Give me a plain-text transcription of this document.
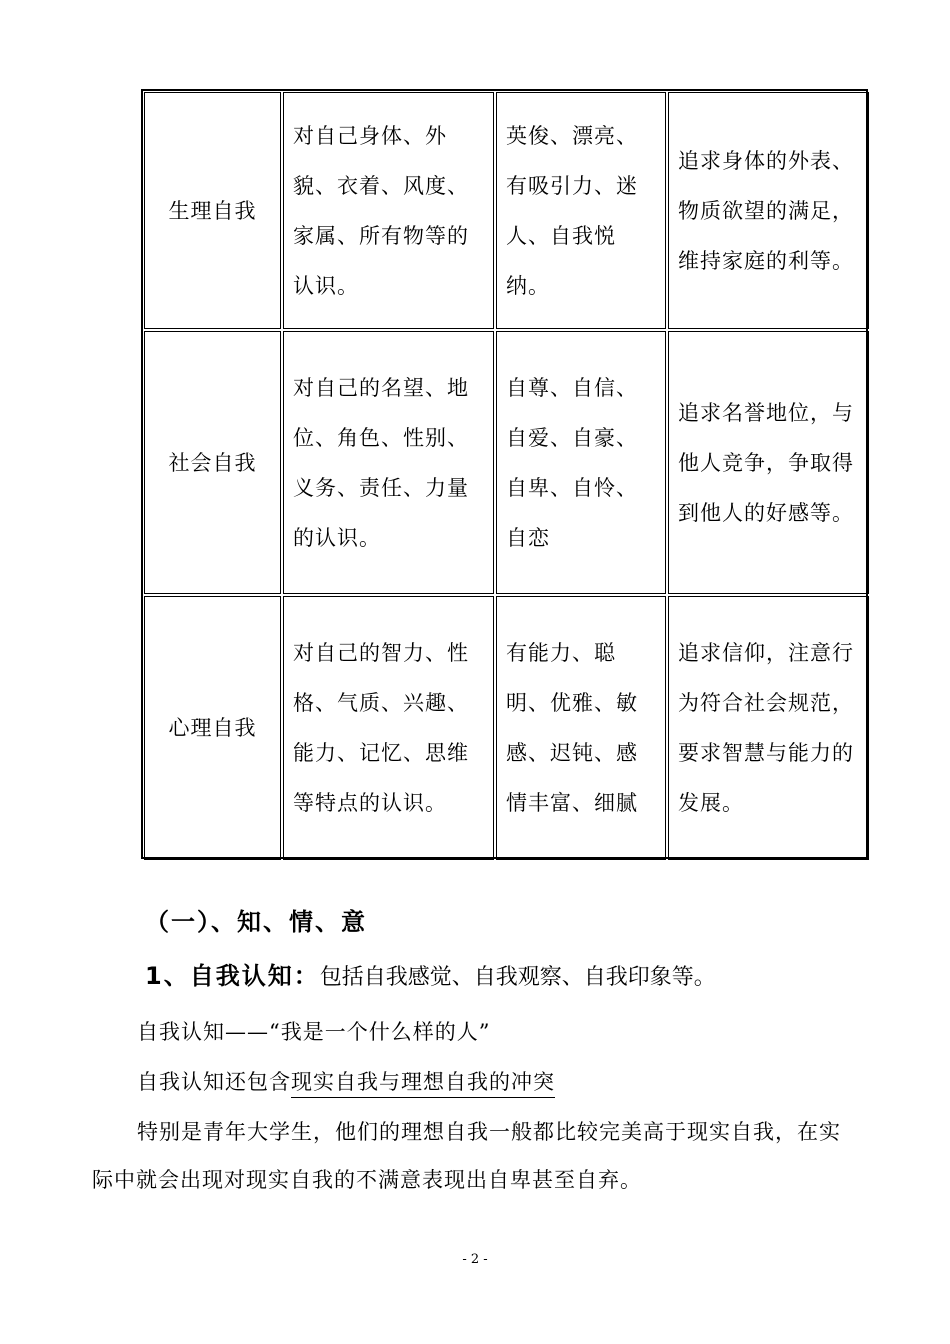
生理自我
对自己身体、外貌、衣着、风度、家属、所有物等的认识。
英俊、漂亮、有吸引力、迷人、自我悦纳。
追求身体的外表、物质欲望的满足，维持家庭的利等。
社会自我
对自己的名望、地位、角色、性别、义务、责任、力量的认识。
自尊、自信、自爱、自豪、自卑、自怜、自恋
追求名誉地位，与他人竞争，争取得到他人的好感等。
心理自我
对自己的智力、性格、气质、兴趣、能力、记忆、思维等特点的认识。
有能力、聪明、优雅、敏感、迟钝、感情丰富、细腻
追求信仰，注意行为符合社会规范，要求智慧与能力的发展。
（一）、知、情、意
1、自我认知：包括自我感觉、自我观察、自我印象等。
自我认知——“我是一个什么样的人”
自我认知还包含现实自我与理想自我的冲突
特别是青年大学生，他们的理想自我一般都比较完美高于现实自我，在实
际中就会出现对现实自我的不满意表现出自卑甚至自弃。
- 2 -
